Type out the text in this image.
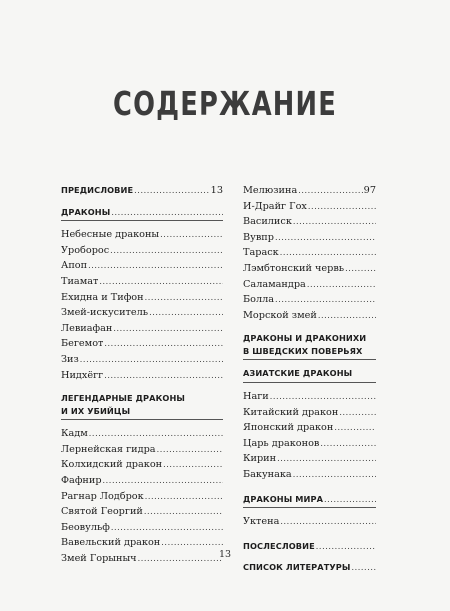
СОДЕРЖАНИЕ
ПРЕДИСЛОВИЕ .....	13
ДРАКОНЫ
.....
Небесные драконы
.....
Уроборос
.....
Апоп
.....
Тиамат
.....
Ехидна и Тифон
.....
Змей-искуситель
.....
Левиафан
.....
Бегемот
.....
Зиз
.....
Нидхёгг
.....
ЛЕГЕНДАРНЫЕ ДРАКОНЫ
И ИХ УБИЙЦЫ
Кадм
.....
Лернейская гидра
.....
Колхидский дракон
.....
Фафнир
.....
Рагнар Лодброк
.....
Святой Георгий
.....
Беовульф
.....
Вавельский дракон
.....
Змей Горыныч
.....
Мелюзина .....	97
И-Драйг Гох
.....
Василиск
.....
Вувпр
.....
Тараск
.....
Лэмбтонский червь
.....
Саламандра
.....
Болла
.....
Морской змей
.....
ДРАКОНЫ И ДРАКОНИХИ
В ШВЕДСКИХ ПОВЕРЬЯХ
АЗИАТСКИЕ ДРАКОНЫ
Наги
.....
Китайский дракон
.....
Японский дракон
.....
Царь драконов
.....
Кирин
.....
Бакунака
.....
ДРАКОНЫ МИРА
.....
Уктена
.....
ПОСЛЕСЛОВИЕ
.....
СПИСОК ЛИТЕРАТУРЫ
.....
13
